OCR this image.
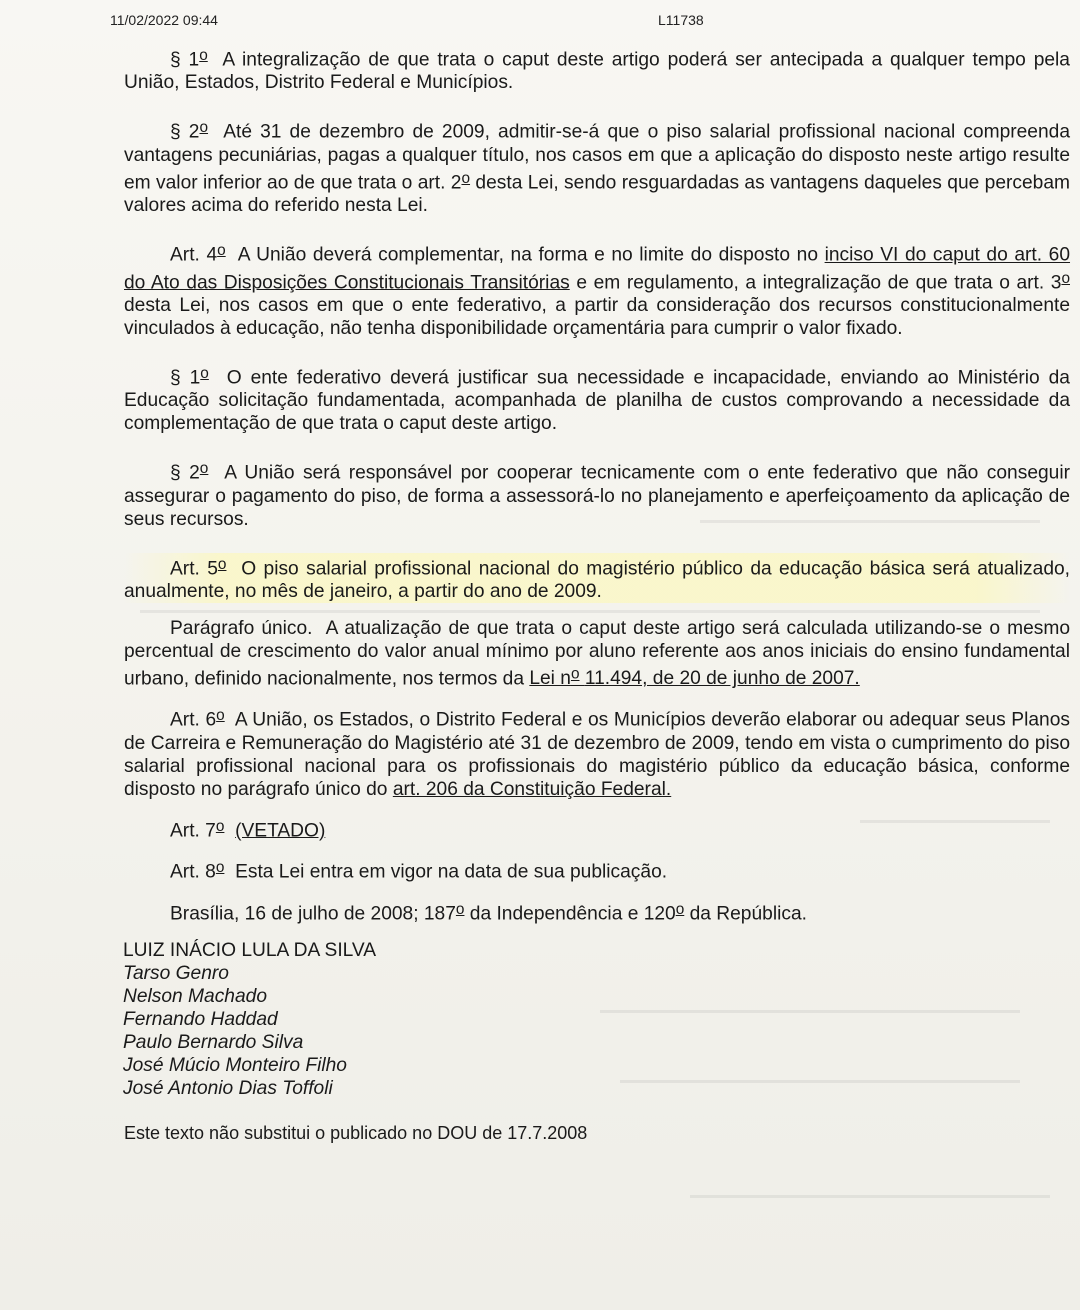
11/02/2022 09:44	L11738

§ 1$^o$ A integralização de que trata o caput deste artigo poderá ser antecipada a qualquer tempo pela União, Estados, Distrito Federal e Municípios.

§ 2$^o$ Até 31 de dezembro de 2009, admitir-se-á que o piso salarial profissional nacional compreenda vantagens pecuniárias, pagas a qualquer título, nos casos em que a aplicação do disposto neste artigo resulte em valor inferior ao de que trata o art. 2$^o$ desta Lei, sendo resguardadas as vantagens daqueles que percebam valores acima do referido nesta Lei.

Art. 4$^o$ A União deverá complementar, na forma e no limite do disposto no inciso VI do caput do art. 60 do Ato das Disposições Constitucionais Transitórias e em regulamento, a integralização de que trata o art. 3$^o$ desta Lei, nos casos em que o ente federativo, a partir da consideração dos recursos constitucionalmente vinculados à educação, não tenha disponibilidade orçamentária para cumprir o valor fixado.

§ 1$^o$ O ente federativo deverá justificar sua necessidade e incapacidade, enviando ao Ministério da Educação solicitação fundamentada, acompanhada de planilha de custos comprovando a necessidade da complementação de que trata o caput deste artigo.

§ 2$^o$ A União será responsável por cooperar tecnicamente com o ente federativo que não conseguir assegurar o pagamento do piso, de forma a assessorá-lo no planejamento e aperfeiçoamento da aplicação de seus recursos.

Art. 5$^o$ O piso salarial profissional nacional do magistério público da educação básica será atualizado, anualmente, no mês de janeiro, a partir do ano de 2009.

Parágrafo único. A atualização de que trata o caput deste artigo será calculada utilizando-se o mesmo percentual de crescimento do valor anual mínimo por aluno referente aos anos iniciais do ensino fundamental urbano, definido nacionalmente, nos termos da Lei $n^o$ 11.494, de 20 de junho de 2007.

Art. 6$^o$ A União, os Estados, o Distrito Federal e os Municípios deverão elaborar ou adequar seus Planos de Carreira e Remuneração do Magistério até 31 de dezembro de 2009, tendo em vista o cumprimento do piso salarial profissional nacional para os profissionais do magistério público da educação básica, conforme disposto no parágrafo único do art. 206 da Constituição Federal.

Art. 7$^o$ (VETADO)

Art. 8$^o$ Esta Lei entra em vigor na data de sua publicação.

Brasília, 16 de julho de 2008; 187$^o$ da Independência e 120$^o$ da República.

LUIZ INÁCIO LULA DA SILVA

Tarso Genro

Nelson Machado

Fernando Haddad

Paulo Bernardo Silva

José Múcio Monteiro Filho

José Antonio Dias Toffoli

Este texto não substitui o publicado no DOU de 17.7.2008
